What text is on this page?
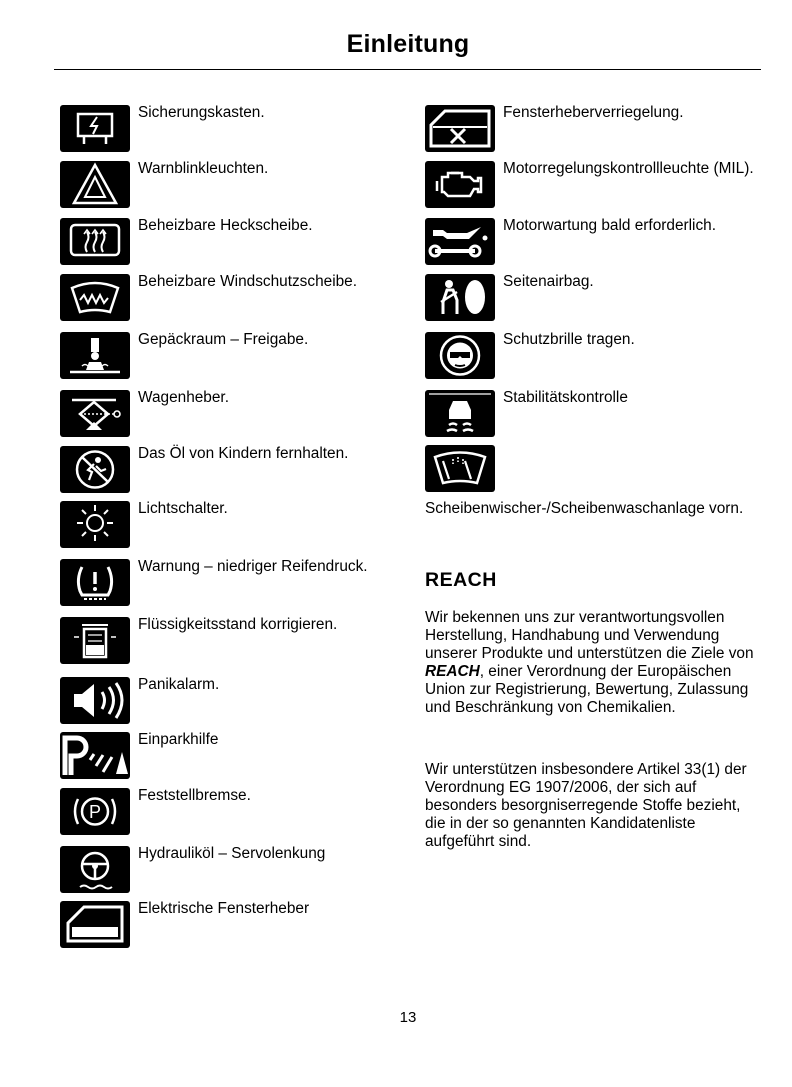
Einleitung
Sicherungskasten.
Warnblinkleuchten.
Beheizbare Heckscheibe.
Beheizbare Windschutzscheibe.
Gepäckraum – Freigabe.
Wagenheber.
Das Öl von Kindern fernhalten.
Lichtschalter.
Warnung – niedriger Reifendruck.
Flüssigkeitsstand korrigieren.
Panikalarm.
Einparkhilfe
P
Feststellbremse.
Hydrauliköl – Servolenkung
Elektrische Fensterheber
Fensterheberverriegelung.
Motorregelungskontrollleuchte (MIL).
Motorwartung bald erforderlich.
Seitenairbag.
Schutzbrille tragen.
Stabilitätskontrolle
Scheibenwischer-/Scheibenwaschanlage vorn.
REACH
Wir bekennen uns zur verantwortungsvollen Herstellung, Handhabung und Verwendung unserer Produkte und unterstützen die Ziele von REACH, einer Verordnung der Europäischen Union zur Registrierung, Bewertung, Zulassung und Beschränkung von Chemikalien.
Wir unterstützen insbesondere Artikel 33(1) der Verordnung EG 1907/2006, der sich auf besonders besorgniserregende Stoffe bezieht, die in der so genannten Kandidatenliste aufgeführt sind.
13
